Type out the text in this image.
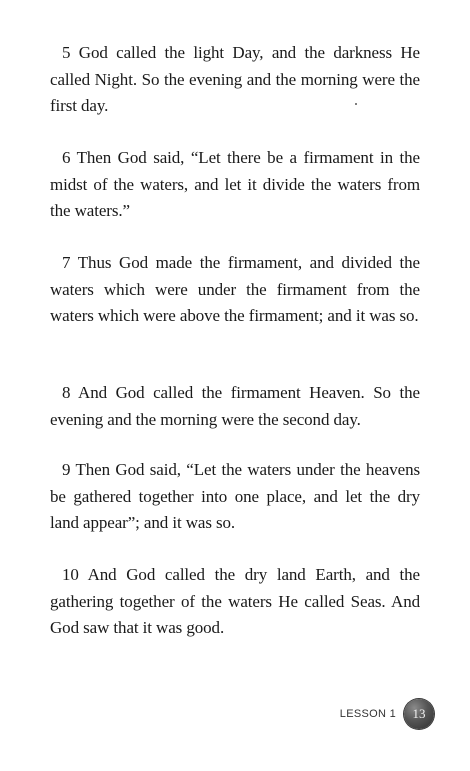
5 God called the light Day, and the darkness He called Night. So the evening and the morning were the first day.

6 Then God said, “Let there be a firmament in the midst of the waters, and let it divide the waters from the waters.”

7 Thus God made the firmament, and divided the waters which were under the firmament from the waters which were above the firmament; and it was so.

8 And God called the firmament Heaven. So the evening and the morning were the second day.

9 Then God said, “Let the waters under the heavens be gathered together into one place, and let the dry land appear”; and it was so.

10 And God called the dry land Earth, and the gathering together of the waters He called Seas. And God saw that it was good.

LESSON 1 13
